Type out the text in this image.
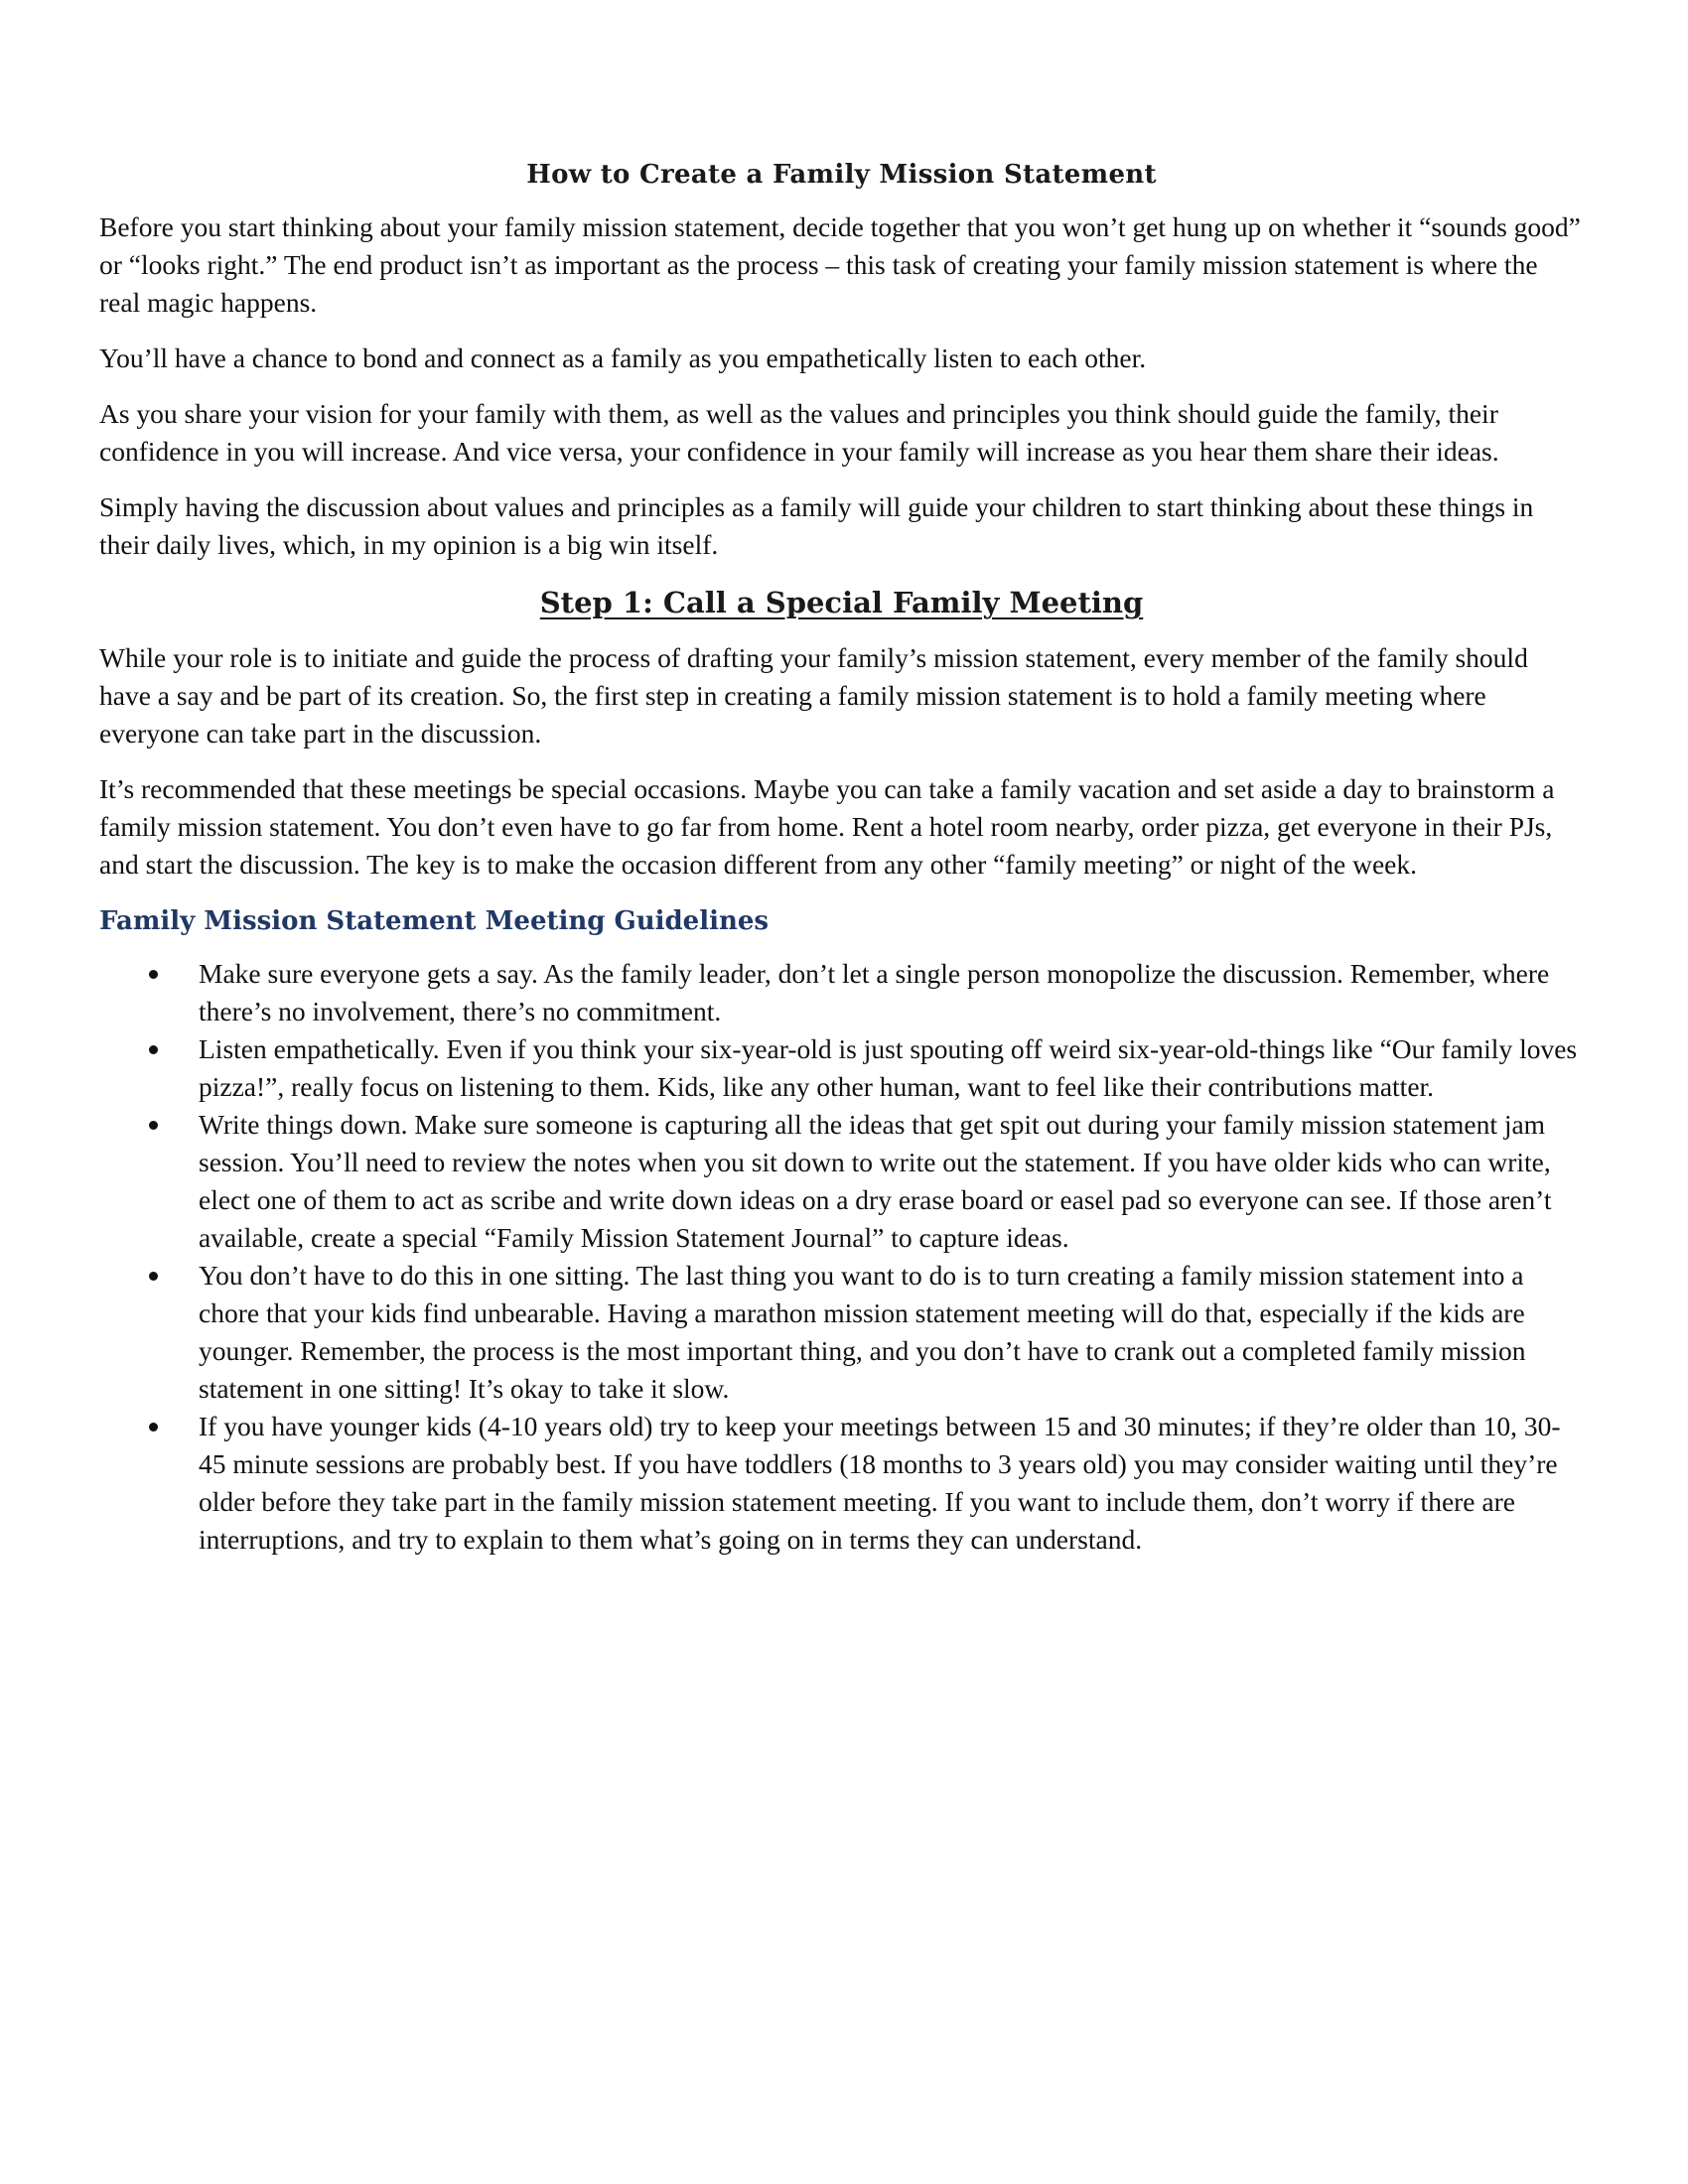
How to Create a Family Mission Statement

Before you start thinking about your family mission statement, decide together that you won’t get hung up on whether it “sounds good” or “looks right.” The end product isn’t as important as the process – this task of creating your family mission statement is where the real magic happens.

You’ll have a chance to bond and connect as a family as you empathetically listen to each other.

As you share your vision for your family with them, as well as the values and principles you think should guide the family, their confidence in you will increase. And vice versa, your confidence in your family will increase as you hear them share their ideas.

Simply having the discussion about values and principles as a family will guide your children to start thinking about these things in their daily lives, which, in my opinion is a big win itself.

Step 1: Call a Special Family Meeting

While your role is to initiate and guide the process of drafting your family’s mission statement, every member of the family should have a say and be part of its creation. So, the first step in creating a family mission statement is to hold a family meeting where everyone can take part in the discussion.

It’s recommended that these meetings be special occasions. Maybe you can take a family vacation and set aside a day to brainstorm a family mission statement. You don’t even have to go far from home. Rent a hotel room nearby, order pizza, get everyone in their PJs, and start the discussion. The key is to make the occasion different from any other “family meeting” or night of the week.

Family Mission Statement Meeting Guidelines
Make sure everyone gets a say. As the family leader, don’t let a single person monopolize the discussion. Remember, where there’s no involvement, there’s no commitment.
Listen empathetically. Even if you think your six-year-old is just spouting off weird six-year-old-things like “Our family loves pizza!”, really focus on listening to them. Kids, like any other human, want to feel like their contributions matter.
Write things down. Make sure someone is capturing all the ideas that get spit out during your family mission statement jam session. You’ll need to review the notes when you sit down to write out the statement. If you have older kids who can write, elect one of them to act as scribe and write down ideas on a dry erase board or easel pad so everyone can see. If those aren’t available, create a special “Family Mission Statement Journal” to capture ideas.
You don’t have to do this in one sitting. The last thing you want to do is to turn creating a family mission statement into a chore that your kids find unbearable. Having a marathon mission statement meeting will do that, especially if the kids are younger. Remember, the process is the most important thing, and you don’t have to crank out a completed family mission statement in one sitting! It’s okay to take it slow.
If you have younger kids (4-10 years old) try to keep your meetings between 15 and 30 minutes; if they’re older than 10, 30-45 minute sessions are probably best. If you have toddlers (18 months to 3 years old) you may consider waiting until they’re older before they take part in the family mission statement meeting. If you want to include them, don’t worry if there are interruptions, and try to explain to them what’s going on in terms they can understand.
